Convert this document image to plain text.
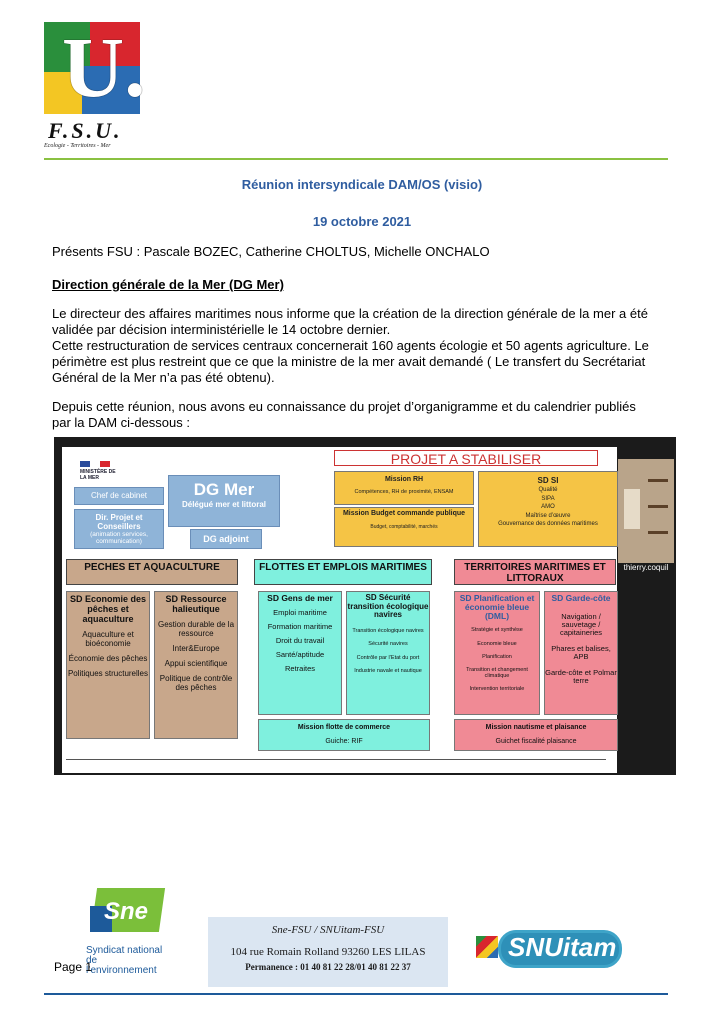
U.
F.S.U.
Ecologie - Territoires - Mer
Réunion intersyndicale DAM/OS (visio)
19 octobre 2021
Présents FSU : Pascale BOZEC, Catherine CHOLTUS, Michelle ONCHALO
Direction générale de la Mer (DG Mer)
Le directeur des affaires maritimes nous informe que la création de la direction générale de la mer a été
validée par décision interministérielle le 14 octobre dernier.
Cette restructuration de services centraux concernerait 160 agents écologie et 50 agents agriculture. Le
périmètre est plus restreint que ce que la ministre de la mer avait demandé ( Le transfert du Secrétariat
Général de la Mer n’a pas été obtenu).
Depuis cette réunion, nous avons eu connaissance du projet d’organigramme et du calendrier publiés
par la DAM ci-dessous :
MINISTÈRE DE LA MER
Chef de cabinet
Dir. Projet et Conseillers
(animation services, communication)
DG Mer
Délégué mer et littoral
DG adjoint
PROJET A STABILISER
Mission RH
Compétences, RH de proximité, ENSAM
Mission Budget commande publique
Budget, comptabilité, marchés
SD SI
Qualité
SIPA
AMO
Maîtrise d’œuvre
Gouvernance des données maritimes
PECHES ET AQUACULTURE	FLOTTES ET EMPLOIS MARITIMES	TERRITOIRES MARITIMES ET LITTORAUX
SD Economie des pêches et aquaculture
Aquaculture et bioéconomie
Économie des pêches
Politiques structurelles
SD Ressource halieutique
Gestion durable de la ressource
Inter&Europe
Appui scientifique
Politique de contrôle des pêches
SD Gens de mer
Emploi maritime
Formation maritime
Droit du travail
Santé/aptitude
Retraites
SD Sécurité transition écologique navires
Transition écologique navires
Sécurité navires
Contrôle par l’Etat du port
Industrie navale et nautique
SD Planification et économie bleue (DML)
Stratégie et synthèse
Economie bleue
Planification
Transition et changement climatique
Intervention territoriale
SD Garde-côte
Navigation / sauvetage / capitaineries
Phares et balises, APB
Garde-côte et Polmar terre
Mission flotte de commerce
Guiche: RIF
Mission nautisme et plaisance
Guichet fiscalité plaisance
thierry.coquil
Sne
Syndicat national de l’environnement
Page 1
Sne-FSU / SNUitam-FSU
104 rue Romain Rolland 93260 LES LILAS
Permanence : 01 40 81 22 28/01 40 81 22 37
SNUitam
